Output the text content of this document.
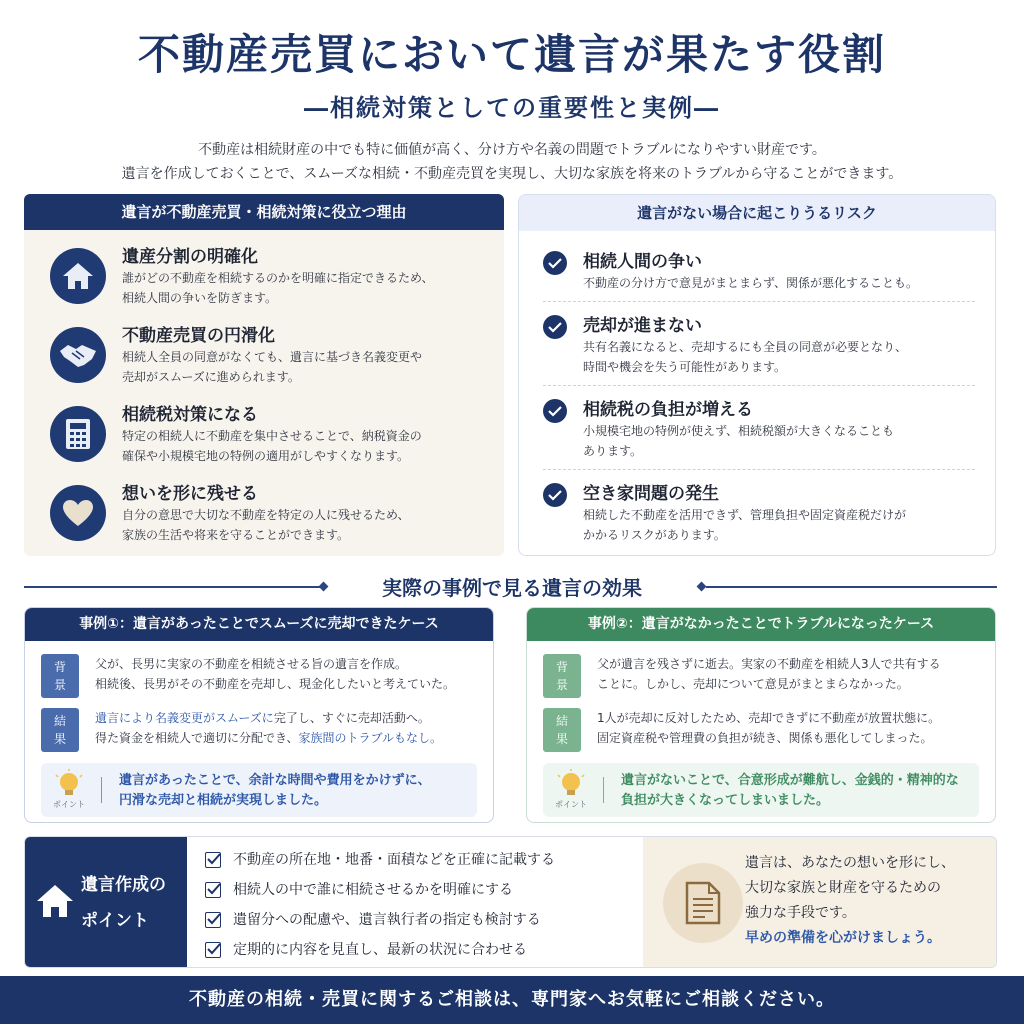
不動産売買において遺言が果たす役割
―相続対策としての重要性と実例―
不動産は相続財産の中でも特に価値が高く、分け方や名義の問題でトラブルになりやすい財産です。
遺言を作成しておくことで、スムーズな相続・不動産売買を実現し、大切な家族を将来のトラブルから守ることができます。
遺言が不動産売買・相続対策に役立つ理由
遺産分割の明確化
誰がどの不動産を相続するのかを明確に指定できるため、
相続人間の争いを防ぎます。
不動産売買の円滑化
相続人全員の同意がなくても、遺言に基づき名義変更や
売却がスムーズに進められます。
相続税対策になる
特定の相続人に不動産を集中させることで、納税資金の
確保や小規模宅地の特例の適用がしやすくなります。
想いを形に残せる
自分の意思で大切な不動産を特定の人に残せるため、
家族の生活や将来を守ることができます。
遺言がない場合に起こりうるリスク
相続人間の争い
不動産の分け方で意見がまとまらず、関係が悪化することも。
売却が進まない
共有名義になると、売却するにも全員の同意が必要となり、
時間や機会を失う可能性があります。
相続税の負担が増える
小規模宅地の特例が使えず、相続税額が大きくなることも
あります。
空き家問題の発生
相続した不動産を活用できず、管理負担や固定資産税だけが
かかるリスクがあります。
実際の事例で見る遺言の効果
事例①：遺言があったことでスムーズに売却できたケース
背景
父が、長男に実家の不動産を相続させる旨の遺言を作成。
相続後、長男がその不動産を売却し、現金化したいと考えていた。
結果
遺言により名義変更がスムーズに完了し、すぐに売却活動へ。
得た資金を相続人で適切に分配でき、家族間のトラブルもなし。
ポイント
遺言があったことで、余計な時間や費用をかけずに、
円滑な売却と相続が実現しました。
事例②：遺言がなかったことでトラブルになったケース
背景
父が遺言を残さずに逝去。実家の不動産を相続人3人で共有する
ことに。しかし、売却について意見がまとまらなかった。
結果
1人が売却に反対したため、売却できずに不動産が放置状態に。
固定資産税や管理費の負担が続き、関係も悪化してしまった。
ポイント
遺言がないことで、合意形成が難航し、金銭的・精神的な
負担が大きくなってしまいました。
遺言作成の
ポイント
不動産の所在地・地番・面積などを正確に記載する
相続人の中で誰に相続させるかを明確にする
遺留分への配慮や、遺言執行者の指定も検討する
定期的に内容を見直し、最新の状況に合わせる
遺言は、あなたの想いを形にし、
大切な家族と財産を守るための
強力な手段です。
早めの準備を心がけましょう。
不動産の相続・売買に関するご相談は、専門家へお気軽にご相談ください。
